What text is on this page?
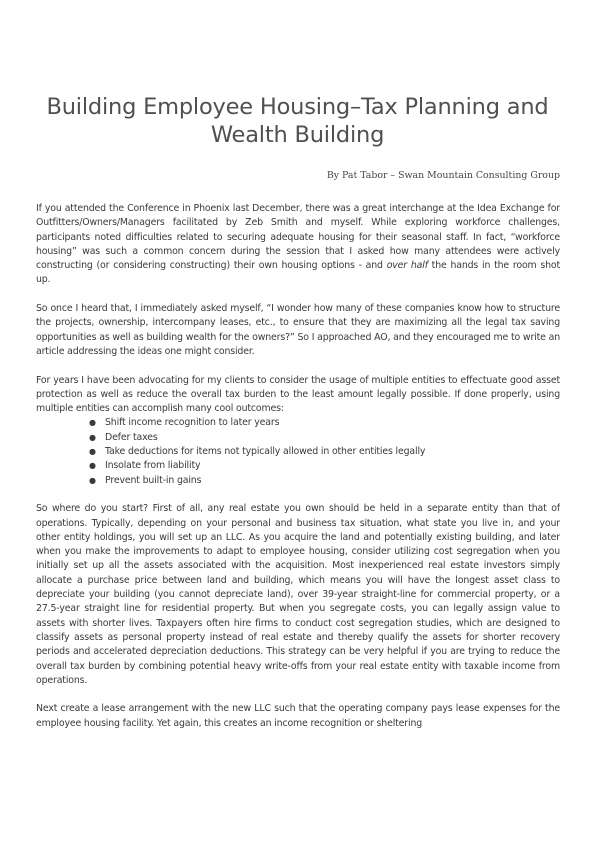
Building Employee Housing–Tax Planning and Wealth Building
By Pat Tabor – Swan Mountain Consulting Group

If you attended the Conference in Phoenix last December, there was a great interchange at the Idea Exchange for Outfitters/Owners/Managers facilitated by Zeb Smith and myself. While exploring workforce challenges, participants noted difficulties related to securing adequate housing for their seasonal staff. In fact, “workforce housing” was such a common concern during the session that I asked how many attendees were actively constructing (or considering constructing) their own housing options - and over half the hands in the room shot up.

So once I heard that, I immediately asked myself, “I wonder how many of these companies know how to structure the projects, ownership, intercompany leases, etc., to ensure that they are maximizing all the legal tax saving opportunities as well as building wealth for the owners?” So I approached AO, and they encouraged me to write an article addressing the ideas one might consider.

For years I have been advocating for my clients to consider the usage of multiple entities to effectuate good asset protection as well as reduce the overall tax burden to the least amount legally possible. If done properly, using multiple entities can accomplish many cool outcomes:

● Shift income recognition to later years
● Defer taxes
● Take deductions for items not typically allowed in other entities legally
● Insolate from liability
● Prevent built-in gains

So where do you start? First of all, any real estate you own should be held in a separate entity than that of operations. Typically, depending on your personal and business tax situation, what state you live in, and your other entity holdings, you will set up an LLC. As you acquire the land and potentially existing building, and later when you make the improvements to adapt to employee housing, consider utilizing cost segregation when you initially set up all the assets associated with the acquisition. Most inexperienced real estate investors simply allocate a purchase price between land and building, which means you will have the longest asset class to depreciate your building (you cannot depreciate land), over 39-year straight-line for commercial property, or a 27.5-year straight line for residential property. But when you segregate costs, you can legally assign value to assets with shorter lives. Taxpayers often hire firms to conduct cost segregation studies, which are designed to classify assets as personal property instead of real estate and thereby qualify the assets for shorter recovery periods and accelerated depreciation deductions. This strategy can be very helpful if you are trying to reduce the overall tax burden by combining potential heavy write-offs from your real estate entity with taxable income from operations.

Next create a lease arrangement with the new LLC such that the operating company pays lease expenses for the employee housing facility. Yet again, this creates an income recognition or sheltering
